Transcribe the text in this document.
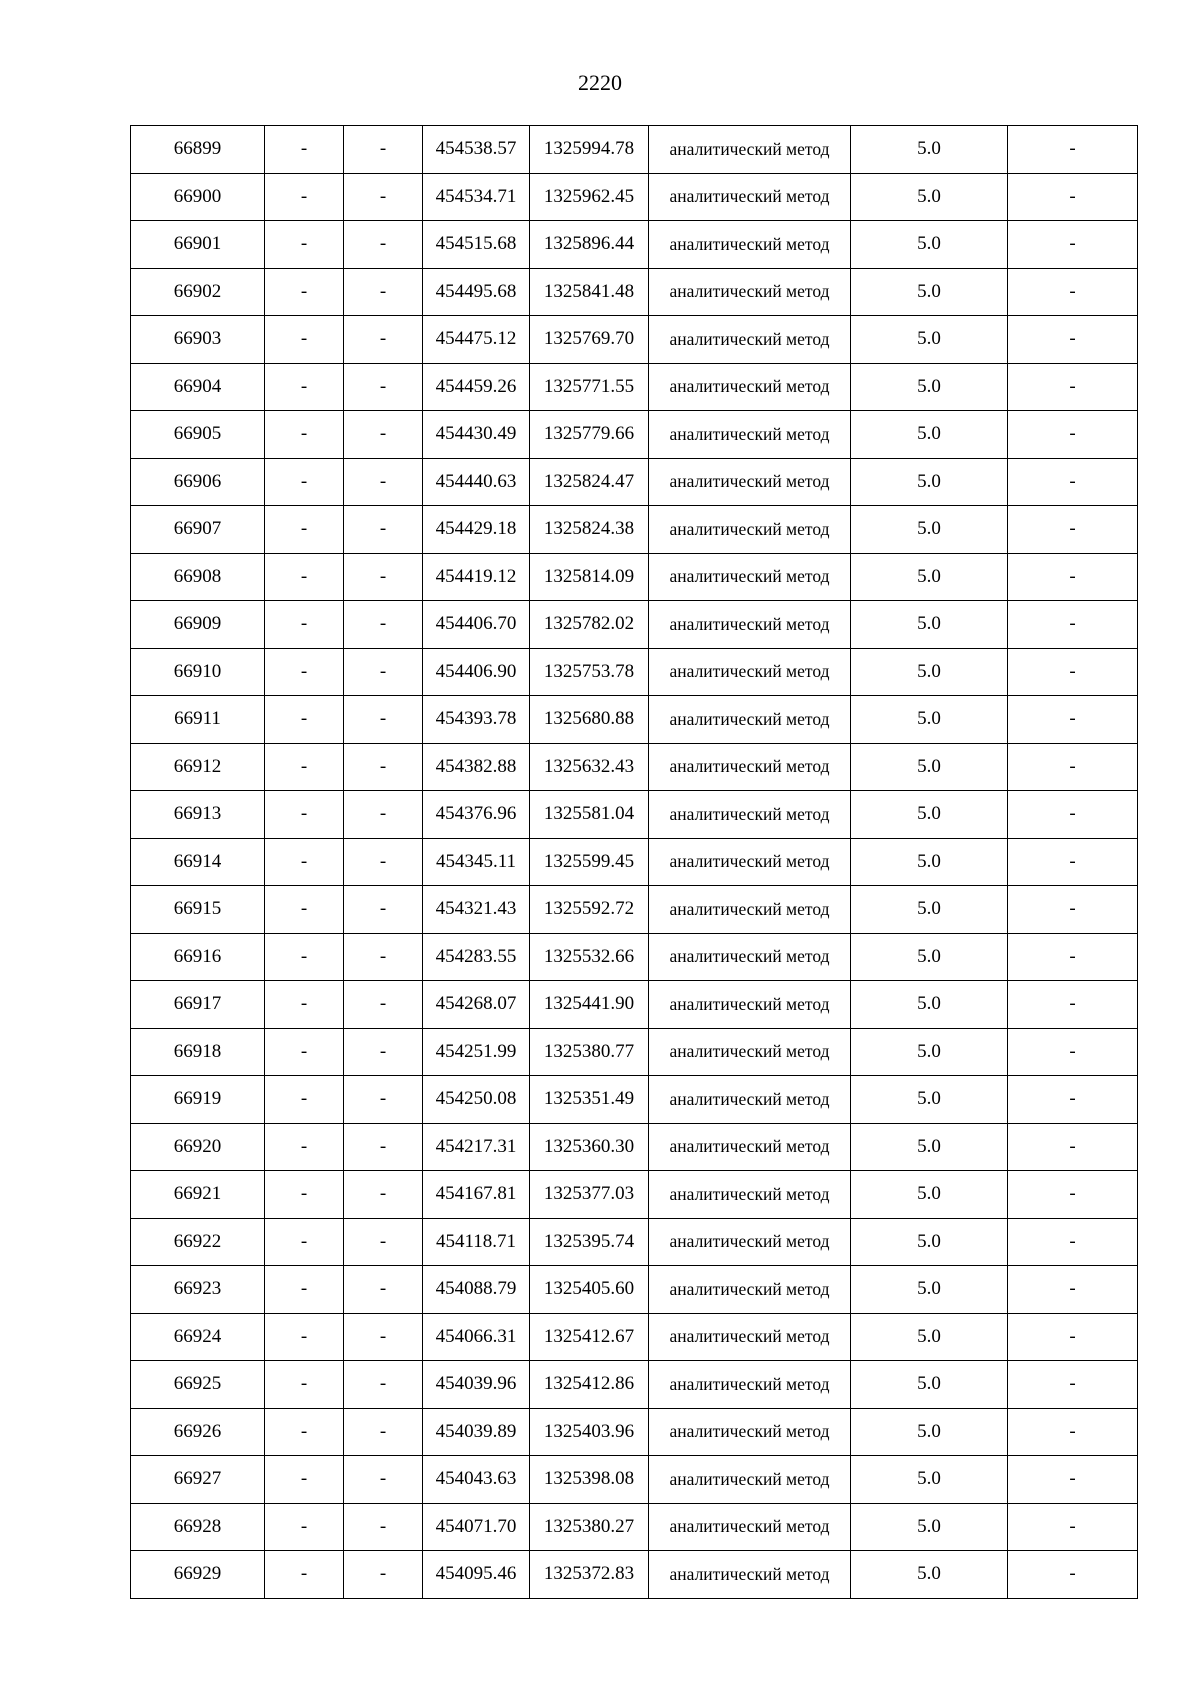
2220
66899	-	-	454538.57	1325994.78	аналитический метод	5.0	-
66900	-	-	454534.71	1325962.45	аналитический метод	5.0	-
66901	-	-	454515.68	1325896.44	аналитический метод	5.0	-
66902	-	-	454495.68	1325841.48	аналитический метод	5.0	-
66903	-	-	454475.12	1325769.70	аналитический метод	5.0	-
66904	-	-	454459.26	1325771.55	аналитический метод	5.0	-
66905	-	-	454430.49	1325779.66	аналитический метод	5.0	-
66906	-	-	454440.63	1325824.47	аналитический метод	5.0	-
66907	-	-	454429.18	1325824.38	аналитический метод	5.0	-
66908	-	-	454419.12	1325814.09	аналитический метод	5.0	-
66909	-	-	454406.70	1325782.02	аналитический метод	5.0	-
66910	-	-	454406.90	1325753.78	аналитический метод	5.0	-
66911	-	-	454393.78	1325680.88	аналитический метод	5.0	-
66912	-	-	454382.88	1325632.43	аналитический метод	5.0	-
66913	-	-	454376.96	1325581.04	аналитический метод	5.0	-
66914	-	-	454345.11	1325599.45	аналитический метод	5.0	-
66915	-	-	454321.43	1325592.72	аналитический метод	5.0	-
66916	-	-	454283.55	1325532.66	аналитический метод	5.0	-
66917	-	-	454268.07	1325441.90	аналитический метод	5.0	-
66918	-	-	454251.99	1325380.77	аналитический метод	5.0	-
66919	-	-	454250.08	1325351.49	аналитический метод	5.0	-
66920	-	-	454217.31	1325360.30	аналитический метод	5.0	-
66921	-	-	454167.81	1325377.03	аналитический метод	5.0	-
66922	-	-	454118.71	1325395.74	аналитический метод	5.0	-
66923	-	-	454088.79	1325405.60	аналитический метод	5.0	-
66924	-	-	454066.31	1325412.67	аналитический метод	5.0	-
66925	-	-	454039.96	1325412.86	аналитический метод	5.0	-
66926	-	-	454039.89	1325403.96	аналитический метод	5.0	-
66927	-	-	454043.63	1325398.08	аналитический метод	5.0	-
66928	-	-	454071.70	1325380.27	аналитический метод	5.0	-
66929	-	-	454095.46	1325372.83	аналитический метод	5.0	-
